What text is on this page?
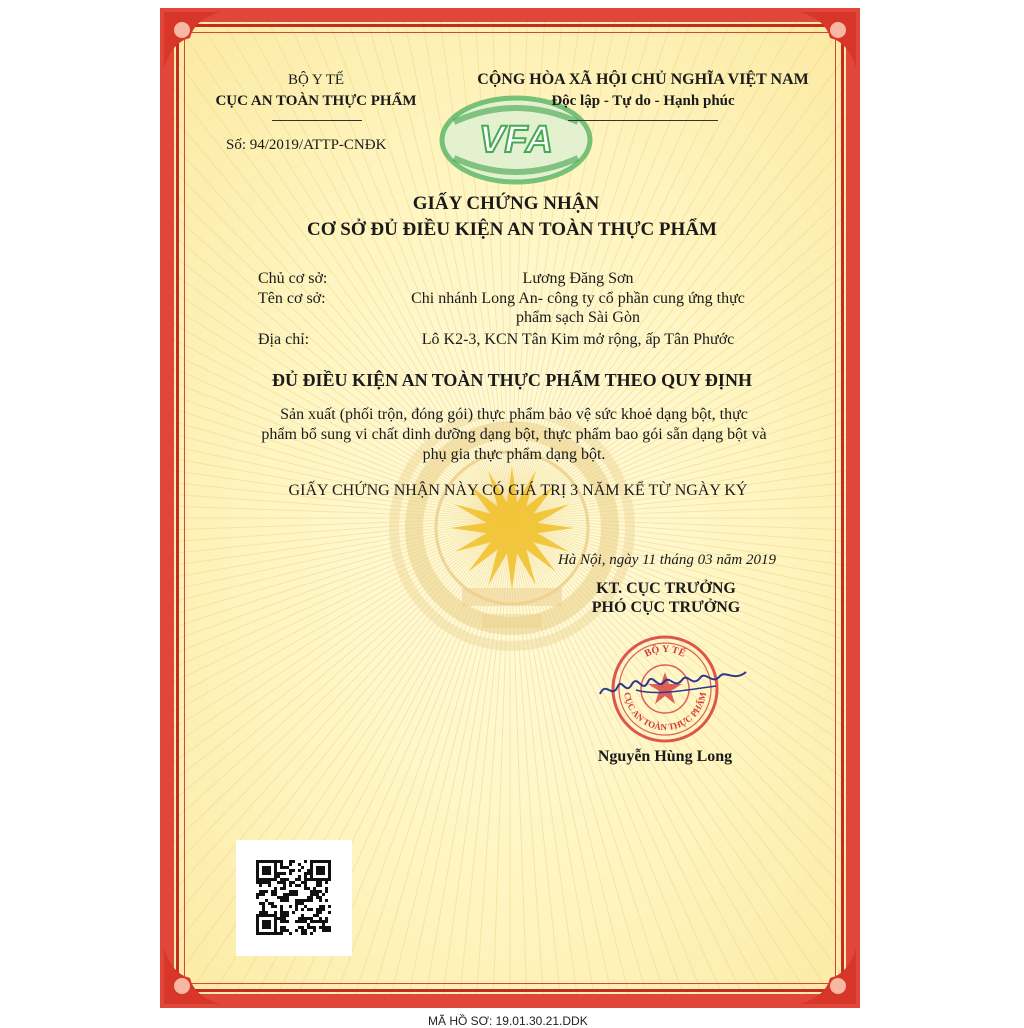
VFA
BỘ Y TẾ
CỤC AN TOÀN THỰC PHẨM
Số: 94/2019/ATTP-CNĐK
CỘNG HÒA XÃ HỘI CHỦ NGHĨA VIỆT NAM
Độc lập - Tự do - Hạnh phúc
GIẤY CHỨNG NHẬN
CƠ SỞ ĐỦ ĐIỀU KIỆN AN TOÀN THỰC PHẨM
Chủ cơ sở:	Lương Đăng Sơn
Tên cơ sở:	Chi nhánh Long An- công ty cổ phần cung ứng thực
phẩm sạch Sài Gòn
Địa chỉ:	Lô K2-3, KCN Tân Kim mở rộng, ấp Tân Phước
ĐỦ ĐIỀU KIỆN AN TOÀN THỰC PHẨM THEO QUY ĐỊNH
Sản xuất (phối trộn, đóng gói) thực phẩm bảo vệ sức khoẻ dạng bột, thực
phẩm bổ sung vi chất dinh dưỡng dạng bột, thực phẩm bao gói sẵn dạng bột và
phụ gia thực phẩm dạng bột.
GIẤY CHỨNG NHẬN NÀY CÓ GIÁ TRỊ 3 NĂM KỂ TỪ NGÀY KÝ
Hà Nội, ngày 11 tháng 03 năm 2019
KT. CỤC TRƯỞNG
PHÓ CỤC TRƯỞNG
BỘ Y TẾ
CỤC AN TOÀN THỰC PHẨM
Nguyễn Hùng Long
MÃ HỒ SƠ: 19.01.30.21.DDK
